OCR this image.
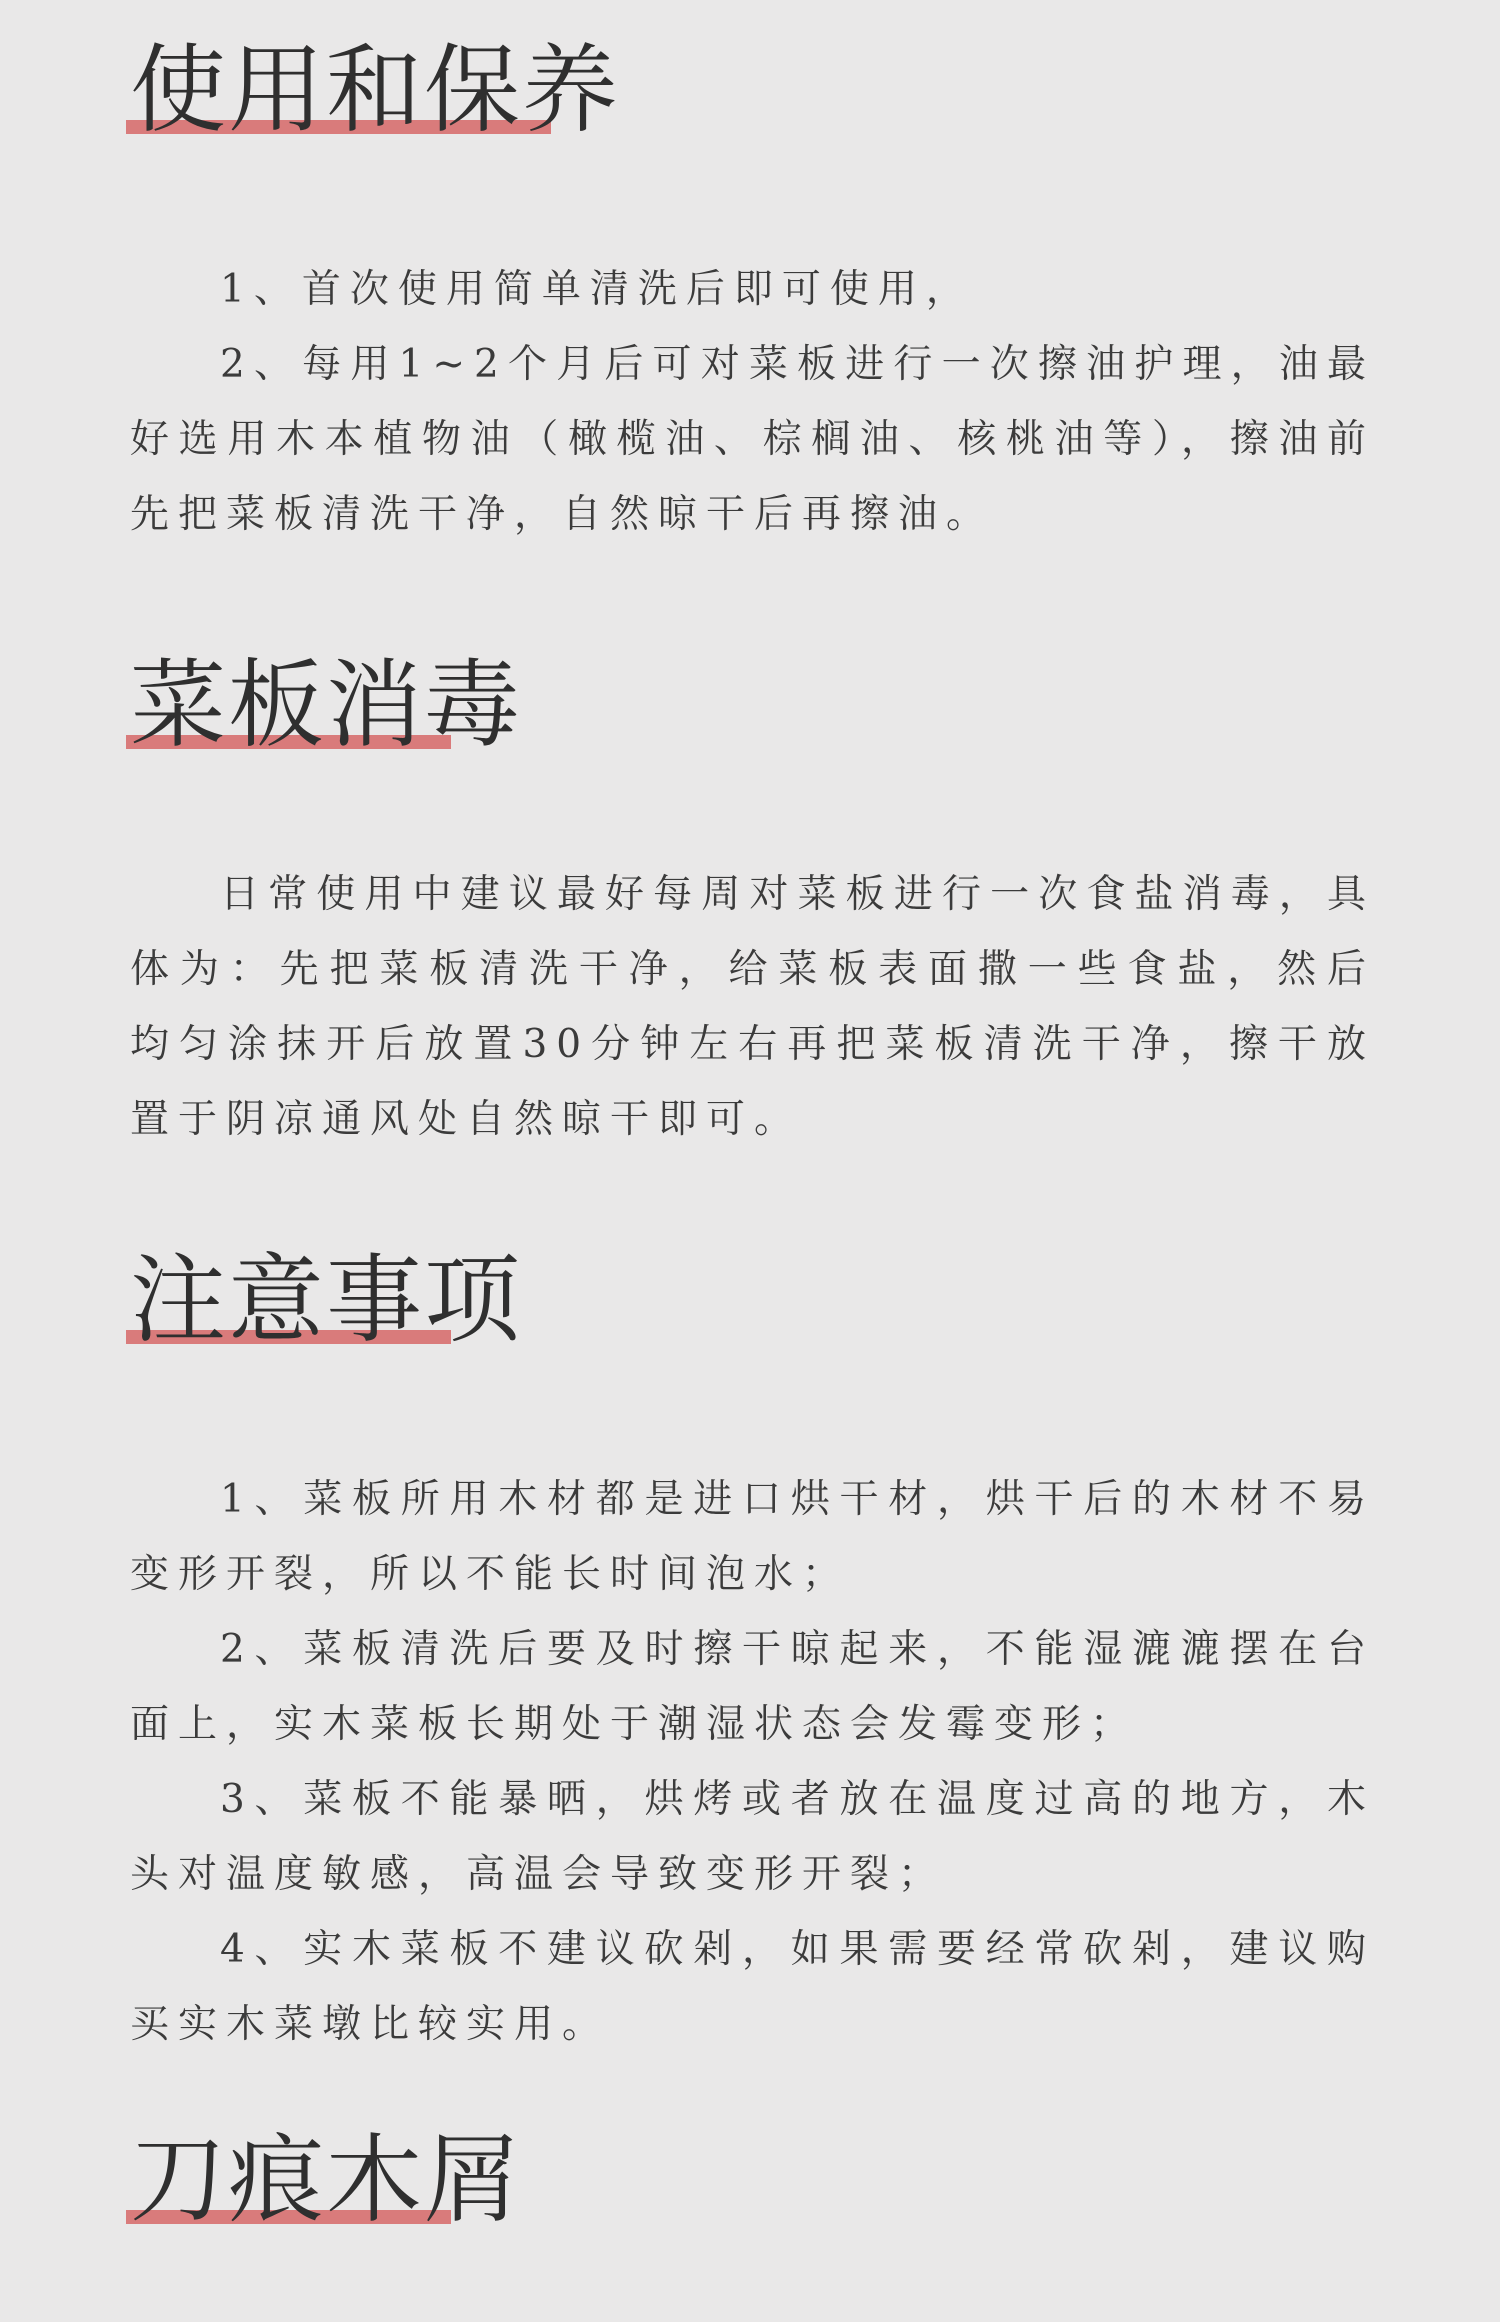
使用和保养

1、首次使用简单清洗后即可使用，

2、每用1~2个月后可对菜板进行一次擦油护理，油最好选用木本植物油（橄榄油、棕榈油、核桃油等），擦油前先把菜板清洗干净，自然晾干后再擦油。

菜板消毒

日常使用中建议最好每周对菜板进行一次食盐消毒，具体为：先把菜板清洗干净，给菜板表面撒一些食盐，然后均匀涂抹开后放置30分钟左右再把菜板清洗干净，擦干放置于阴凉通风处自然晾干即可。

注意事项

1、菜板所用木材都是进口烘干材，烘干后的木材不易变形开裂，所以不能长时间泡水；

2、菜板清洗后要及时擦干晾起来，不能湿漉漉摆在台面上，实木菜板长期处于潮湿状态会发霉变形；

3、菜板不能暴晒，烘烤或者放在温度过高的地方，木头对温度敏感，高温会导致变形开裂；

4、实木菜板不建议砍剁，如果需要经常砍剁，建议购买实木菜墩比较实用。

刀痕木屑
